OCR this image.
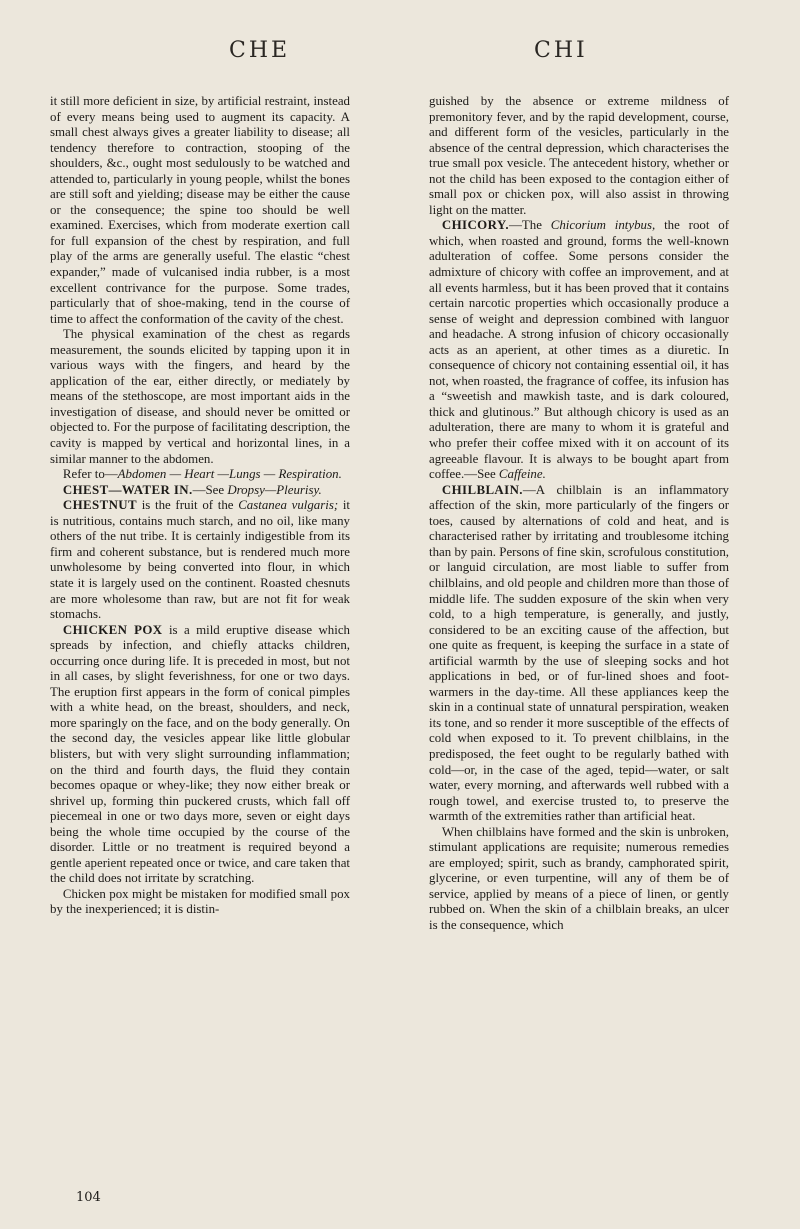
CHE	CHI

it still more deficient in size, by artificial restraint, instead of every means being used to augment its capacity. A small chest always gives a greater liability to disease; all tendency therefore to contraction, stooping of the shoulders, &c., ought most sedulously to be watched and attended to, particularly in young people, whilst the bones are still soft and yielding; disease may be either the cause or the consequence; the spine too should be well examined. Exercises, which from moderate exertion call for full expansion of the chest by respiration, and full play of the arms are generally useful. The elastic “chest expander,” made of vulcanised india rubber, is a most excellent contrivance for the purpose. Some trades, particularly that of shoe-making, tend in the course of time to affect the conformation of the cavity of the chest.

The physical examination of the chest as regards measurement, the sounds elicited by tapping upon it in various ways with the fingers, and heard by the application of the ear, either directly, or mediately by means of the stethoscope, are most important aids in the investigation of disease, and should never be omitted or objected to. For the purpose of facilitating description, the cavity is mapped by vertical and horizontal lines, in a similar manner to the abdomen.

Refer to—Abdomen — Heart —Lungs — Respiration.

CHEST—WATER IN.—See Dropsy—Pleurisy.

CHESTNUT is the fruit of the Castanea vulgaris; it is nutritious, contains much starch, and no oil, like many others of the nut tribe. It is certainly indigestible from its firm and coherent substance, but is rendered much more unwholesome by being converted into flour, in which state it is largely used on the continent. Roasted chesnuts are more wholesome than raw, but are not fit for weak stomachs.

CHICKEN POX is a mild eruptive disease which spreads by infection, and chiefly attacks children, occurring once during life. It is preceded in most, but not in all cases, by slight feverishness, for one or two days. The eruption first appears in the form of conical pimples with a white head, on the breast, shoulders, and neck, more sparingly on the face, and on the body generally. On the second day, the vesicles appear like little globular blisters, but with very slight surrounding inflammation; on the third and fourth days, the fluid they contain becomes opaque or whey-like; they now either break or shrivel up, forming thin puckered crusts, which fall off piecemeal in one or two days more, seven or eight days being the whole time occupied by the course of the disorder. Little or no treatment is required beyond a gentle aperient repeated once or twice, and care taken that the child does not irritate by scratching.

Chicken pox might be mistaken for modified small pox by the inexperienced; it is distin-

guished by the absence or extreme mildness of premonitory fever, and by the rapid development, course, and different form of the vesicles, particularly in the absence of the central depression, which characterises the true small pox vesicle. The antecedent history, whether or not the child has been exposed to the contagion either of small pox or chicken pox, will also assist in throwing light on the matter.

CHICORY.—The Chicorium intybus, the root of which, when roasted and ground, forms the well-known adulteration of coffee. Some persons consider the admixture of chicory with coffee an improvement, and at all events harmless, but it has been proved that it contains certain narcotic properties which occasionally produce a sense of weight and depression combined with languor and headache. A strong infusion of chicory occasionally acts as an aperient, at other times as a diuretic. In consequence of chicory not containing essential oil, it has not, when roasted, the fragrance of coffee, its infusion has a “sweetish and mawkish taste, and is dark coloured, thick and glutinous.” But although chicory is used as an adulteration, there are many to whom it is grateful and who prefer their coffee mixed with it on account of its agreeable flavour. It is always to be bought apart from coffee.—See Caffeine.

CHILBLAIN.—A chilblain is an inflammatory affection of the skin, more particularly of the fingers or toes, caused by alternations of cold and heat, and is characterised rather by irritating and troublesome itching than by pain. Persons of fine skin, scrofulous constitution, or languid circulation, are most liable to suffer from chilblains, and old people and children more than those of middle life. The sudden exposure of the skin when very cold, to a high temperature, is generally, and justly, considered to be an exciting cause of the affection, but one quite as frequent, is keeping the surface in a state of artificial warmth by the use of sleeping socks and hot applications in bed, or of fur-lined shoes and foot-warmers in the day-time. All these appliances keep the skin in a continual state of unnatural perspiration, weaken its tone, and so render it more susceptible of the effects of cold when exposed to it. To prevent chilblains, in the predisposed, the feet ought to be regularly bathed with cold—or, in the case of the aged, tepid—water, or salt water, every morning, and afterwards well rubbed with a rough towel, and exercise trusted to, to preserve the warmth of the extremities rather than artificial heat.

When chilblains have formed and the skin is unbroken, stimulant applications are requisite; numerous remedies are employed; spirit, such as brandy, camphorated spirit, glycerine, or even turpentine, will any of them be of service, applied by means of a piece of linen, or gently rubbed on. When the skin of a chilblain breaks, an ulcer is the consequence, which

104
